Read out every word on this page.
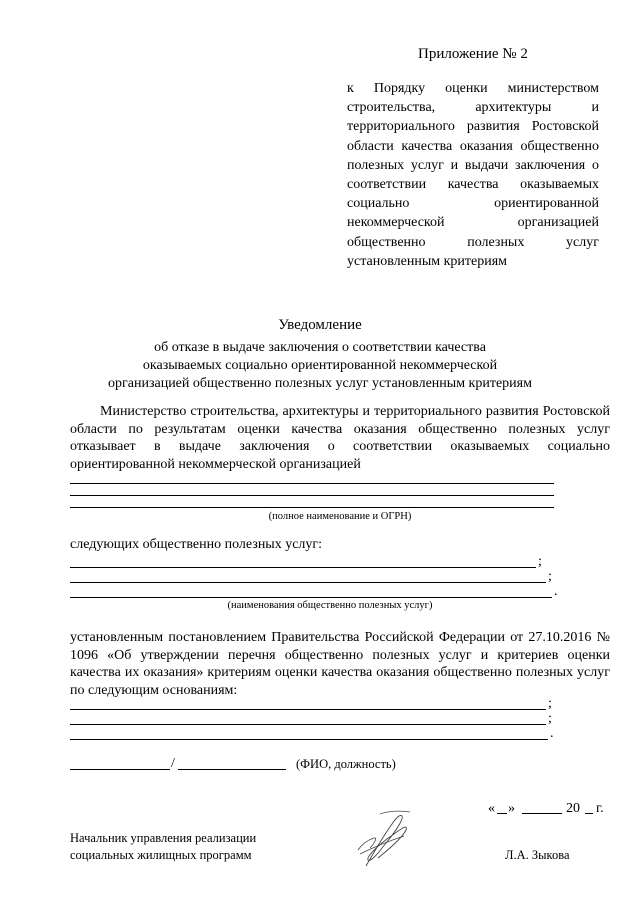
Приложение № 2

к Порядку оценки министерством строительства, архитектуры и территориального развития Ростовской области качества оказания общественно полезных услуг и выдачи заключения о соответствии качества оказываемых социально ориентированной некоммерческой организацией общественно полезных услуг установленным критериям

Уведомление
об отказе в выдаче заключения о соответствии качества
оказываемых социально ориентированной некоммерческой
организацией общественно полезных услуг установленным критериям

Министерство строительства, архитектуры и территориального развития Ростовской области по результатам оценки качества оказания общественно полезных услуг отказывает в выдаче заключения о соответствии оказываемых социально ориентированной некоммерческой организацией

(полное наименование и ОГРН)
следующих общественно полезных услуг:
;
;
.
(наименования общественно полезных услуг)

установленным постановлением Правительства Российской Федерации от 27.10.2016 № 1096 «Об утверждении перечня общественно полезных услуг и критериев оценки качества их оказания» критериям оценки качества оказания общественно полезных услуг по следующим основаниям:

;
;
.
/	(ФИО, должность)
« »	20 г.
Начальник управления реализации
социальных жилищных программ	Л.А. Зыкова
